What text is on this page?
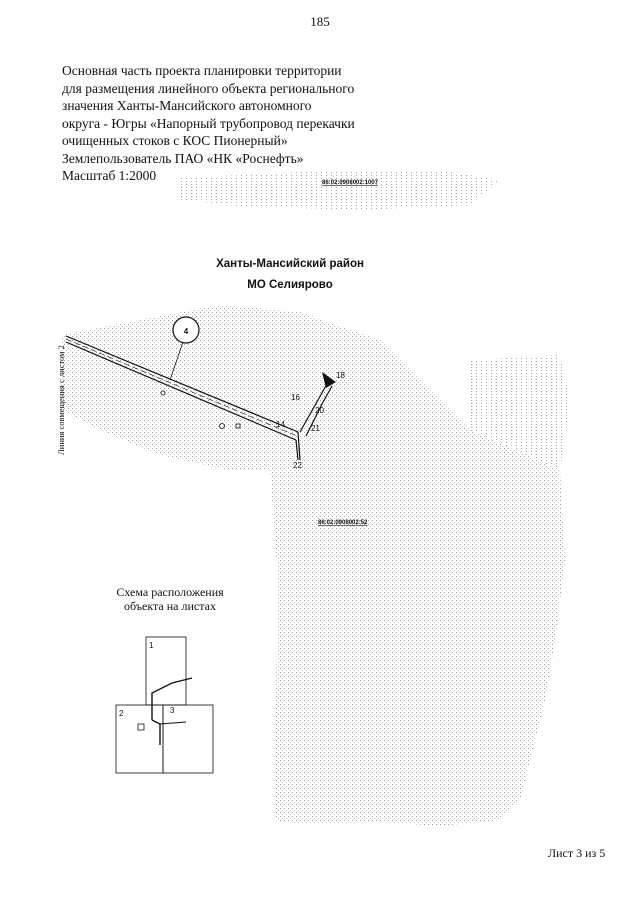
185
Основная часть проекта планировки территории
для размещения линейного объекта регионального
значения Ханты-Мансийского автономного
округа - Югры «Напорный трубопровод перекачки
очищенных стоков с КОС Пионерный»
Землепользователь ПАО «НК «Роснефть»
Масштаб 1:2000	86:02:0908002:1007
86:02:0908002:52
4
18
16
20
14	21
22
1
2	3
Ханты-Мансийский район
МО Селиярово
Линия совмещения с листом 2
Схема расположения
объекта на листах
Лист 3 из 5
